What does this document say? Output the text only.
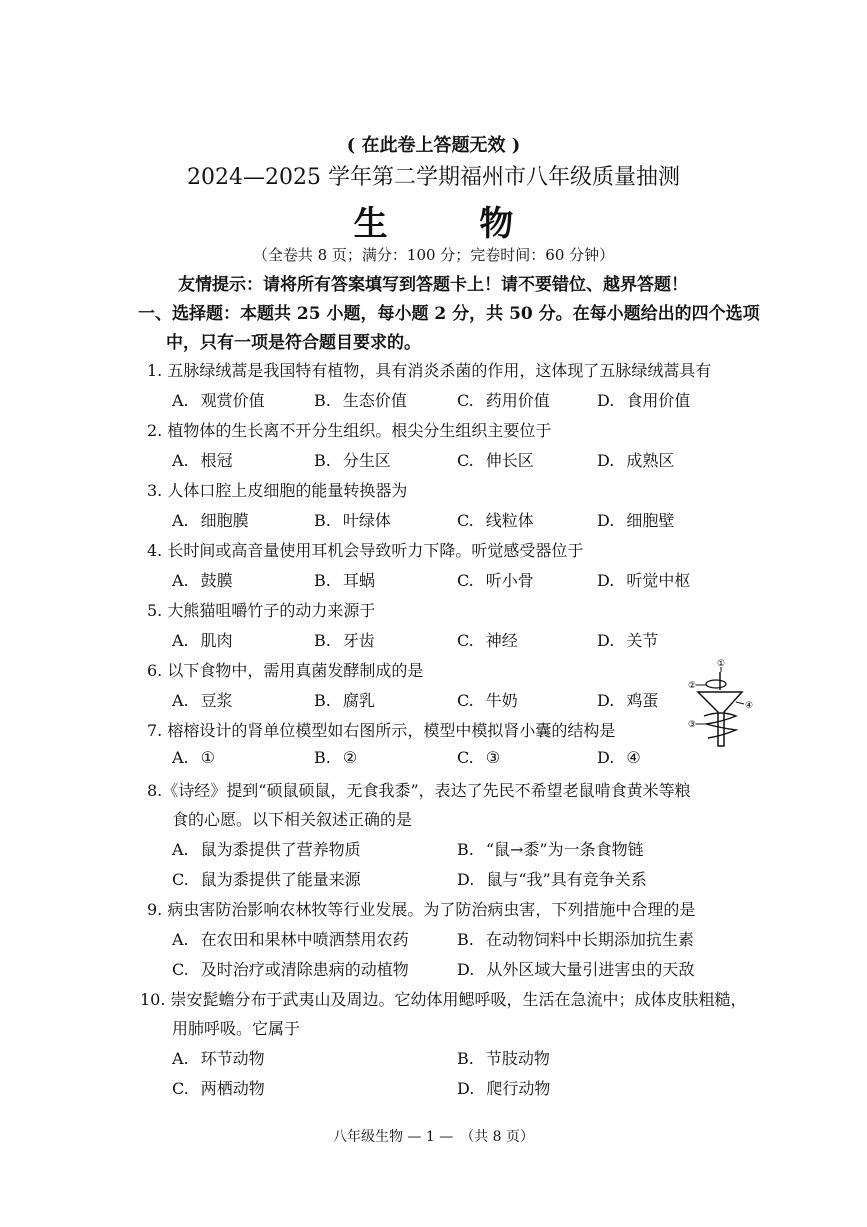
( 在此卷上答题无效 )
2024—2025 学年第二学期福州市八年级质量抽测
生 物
（全卷共 8 页；满分：100 分；完卷时间：60 分钟）
友情提示：请将所有答案填写到答题卡上！请不要错位、越界答题！
一、选择题：本题共 25 小题，每小题 2 分，共 50 分。在每小题给出的四个选项
中，只有一项是符合题目要求的。
1. 五脉绿绒蒿是我国特有植物，具有消炎杀菌的作用，这体现了五脉绿绒蒿具有
A. 观赏价值	B. 生态价值	C. 药用价值	D. 食用价值
2. 植物体的生长离不开分生组织。根尖分生组织主要位于
A. 根冠	B. 分生区	C. 伸长区	D. 成熟区
3. 人体口腔上皮细胞的能量转换器为
A. 细胞膜	B. 叶绿体	C. 线粒体	D. 细胞壁
4. 长时间或高音量使用耳机会导致听力下降。听觉感受器位于
A. 鼓膜	B. 耳蜗	C. 听小骨	D. 听觉中枢
5. 大熊猫咀嚼竹子的动力来源于
A. 肌肉	B. 牙齿	C. 神经	D. 关节
6. 以下食物中，需用真菌发酵制成的是
A. 豆浆	B. 腐乳	C. 牛奶	D. 鸡蛋
7. 榕榕设计的肾单位模型如右图所示，模型中模拟肾小囊的结构是
A. ①	B. ②	C. ③	D. ④
①
②
③
④
8.《诗经》提到“硕鼠硕鼠，无食我黍”，表达了先民不希望老鼠啃食黄米等粮
食的心愿。以下相关叙述正确的是
A. 鼠为黍提供了营养物质	B. “鼠→黍”为一条食物链
C. 鼠为黍提供了能量来源	D. 鼠与“我”具有竞争关系
9. 病虫害防治影响农林牧等行业发展。为了防治病虫害，下列措施中合理的是
A. 在农田和果林中喷洒禁用农药	B. 在动物饲料中长期添加抗生素
C. 及时治疗或清除患病的动植物	D. 从外区域大量引进害虫的天敌
10. 崇安髭蟾分布于武夷山及周边。它幼体用鳃呼吸，生活在急流中；成体皮肤粗糙，
用肺呼吸。它属于
A. 环节动物	B. 节肢动物
C. 两栖动物	D. 爬行动物
八年级生物 — 1 —　（共 8 页）
